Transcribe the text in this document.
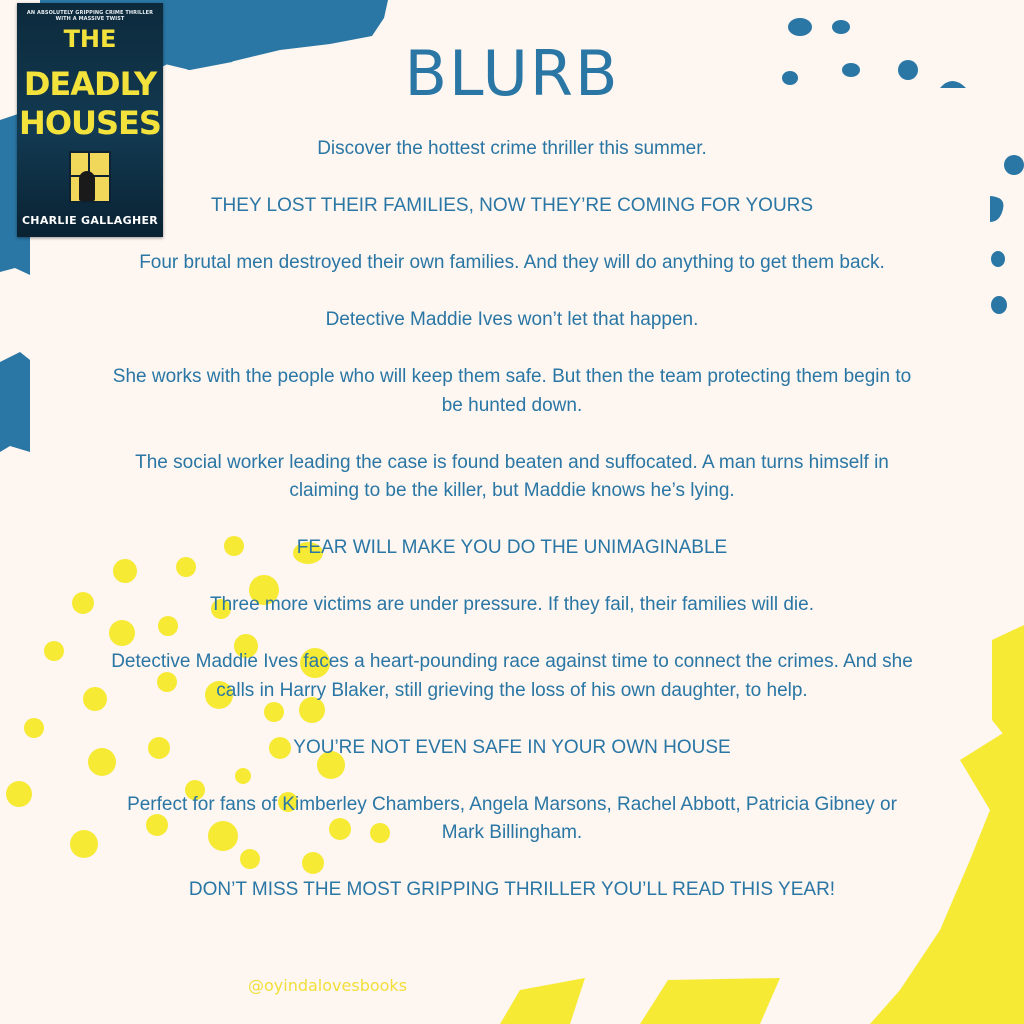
AN ABSOLUTELY GRIPPING CRIME THRILLER WITH A MASSIVE TWIST
THE
DEADLY
HOUSES
CHARLIE GALLAGHER
BLURB

Discover the hottest crime thriller this summer.

THEY LOST THEIR FAMILIES, NOW THEY’RE COMING FOR YOURS

Four brutal men destroyed their own families. And they will do anything to get them back.

Detective Maddie Ives won’t let that happen.

She works with the people who will keep them safe. But then the team protecting them begin to be hunted down.

The social worker leading the case is found beaten and suffocated. A man turns himself in claiming to be the killer, but Maddie knows he’s lying.

FEAR WILL MAKE YOU DO THE UNIMAGINABLE

Three more victims are under pressure. If they fail, their families will die.

Detective Maddie Ives faces a heart-pounding race against time to connect the crimes. And she calls in Harry Blaker, still grieving the loss of his own daughter, to help.

YOU’RE NOT EVEN SAFE IN YOUR OWN HOUSE

Perfect for fans of Kimberley Chambers, Angela Marsons, Rachel Abbott, Patricia Gibney or Mark Billingham.

DON’T MISS THE MOST GRIPPING THRILLER YOU’LL READ THIS YEAR!

@oyindalovesbooks
